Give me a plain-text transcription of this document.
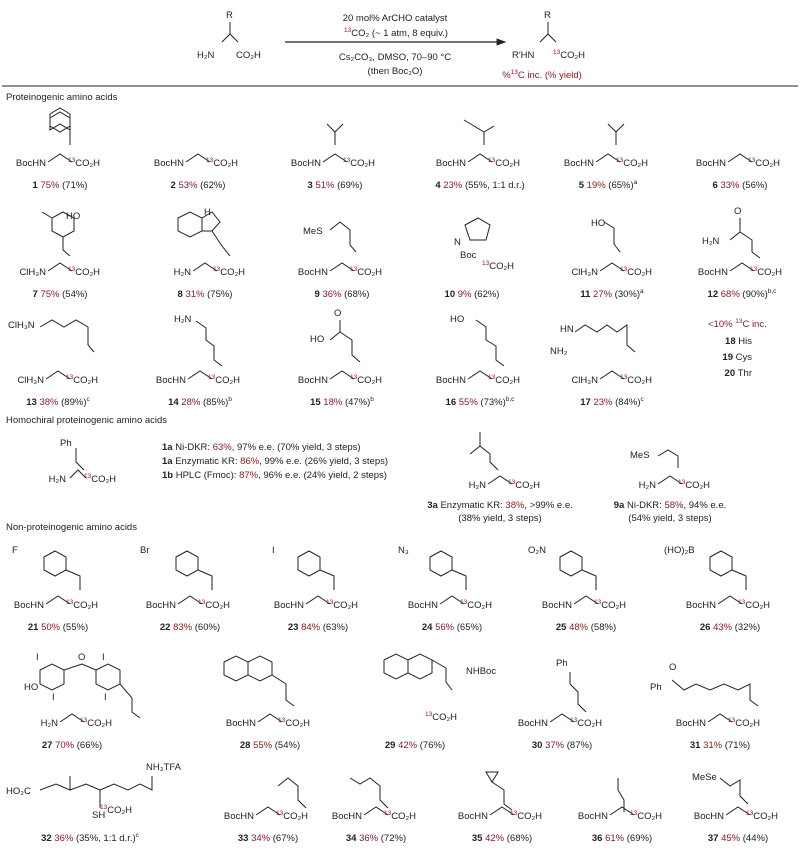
R
H₂N CO₂H
20 mol% ArCHO catalyst
$^{13}$CO₂ (~ 1 atm, 8 equiv.)
Cs₂CO₃, DMSO, 70–90 °C
(then Boc₂O)
R
R′HN	$^{13}$CO₂H
%$^{13}$C inc. (% yield)
Proteinogenic amino acids
Homochiral proteinogenic amino acids
Non-proteinogenic amino acids
BocHN	$^{13}$CO₂H
1 75% (71%)
BocHN	$^{13}$CO₂H
2 53% (62%)
BocHN	$^{13}$CO₂H
3 51% (69%)
BocHN	$^{13}$CO₂H
4 23% (55%, 1:1 d.r.)
BocHN	$^{13}$CO₂H
5 19% $(65\%)^a$
BocHN	$^{13}$CO₂H
6 33% (56%)
ClH₃N	$^{13}$CO₂H
7 75% (54%)
H₂N	$^{13}$CO₂H
8 31% (75%)
BocHN	$^{13}$CO₂H
9 36% (68%)
$^{13}$CO₂H
10 9% (62%)
ClH₃N	$^{13}$CO₂H
11 27% $(30\%)^a$
BocHN	$^{13}$CO₂H
12 68% $(90\%)^{b,c}$
ClH₃N	$^{13}$CO₂H
13 38% $(89\%)^c$
BocHN	$^{13}$CO₂H
14 28% $(85\%)^b$
BocHN	$^{13}$CO₂H
15 18% $(47\%)^b$
BocHN	$^{13}$CO₂H
16 55% $(73\%)^{b,c}$
ClH₃N	$^{13}$CO₂H
17 23% $(84\%)^c$
BocHN	$^{13}$CO₂H
21 50% (55%)
BocHN	$^{13}$CO₂H
22 83% (60%)
BocHN	$^{13}$CO₂H
23 84% (63%)
BocHN	$^{13}$CO₂H
24 56% (65%)
BocHN	$^{13}$CO₂H
25 48% (58%)
BocHN	$^{13}$CO₂H
26 43% (32%)
H₂N	$^{13}$CO₂H
27 70% (66%)
BocHN	$^{13}$CO₂H
28 55% (54%)
$^{13}$CO₂H
29 42% (76%)
BocHN	$^{13}$CO₂H
30 37% (87%)
BocHN	$^{13}$CO₂H
31 31% (71%)
$^{13}$CO₂H
32 36% (35%, 1:1 d.r.)$^c$
BocHN	$^{13}$CO₂H
33 34% (67%)
BocHN	$^{13}$CO₂H
34 36% (72%)
BocHN	$^{13}$CO₂H
35 42% (68%)
BocHN	$^{13}$CO₂H
36 61% (69%)
BocHN	$^{13}$CO₂H
37 45% (44%)
HO	H
MeS
N
Boc
HO
O
H₂N
ClH₃N
H₂N
O
HO
HO
HN
NH₂
Ph
MeS
F	Br	I	N₃	O₂N	(HO)₂B
HO
I
I
O I
I
NHBoc
Ph
Ph
O
HO₂C
SH
NH₃TFA
MeSe
<10% $^{13}$C inc.
18 His
19 Cys
20 Thr
1a Ni-DKR: 63%, 97% e.e. (70% yield, 3 steps)
1a Enzymatic KR: 86%, 99% e.e. (26% yield, 3 steps)
1b HPLC (Fmoc): 87%, 96% e.e. (24% yield, 2 steps)
H₂N	$^{13}$CO₂H
H₂N	$^{13}$CO₂H
3a Enzymatic KR: 38%, >99% e.e.
(38% yield, 3 steps)
H₂N	$^{13}$CO₂H
9a Ni-DKR: 58%, 94% e.e.
(54% yield, 3 steps)
